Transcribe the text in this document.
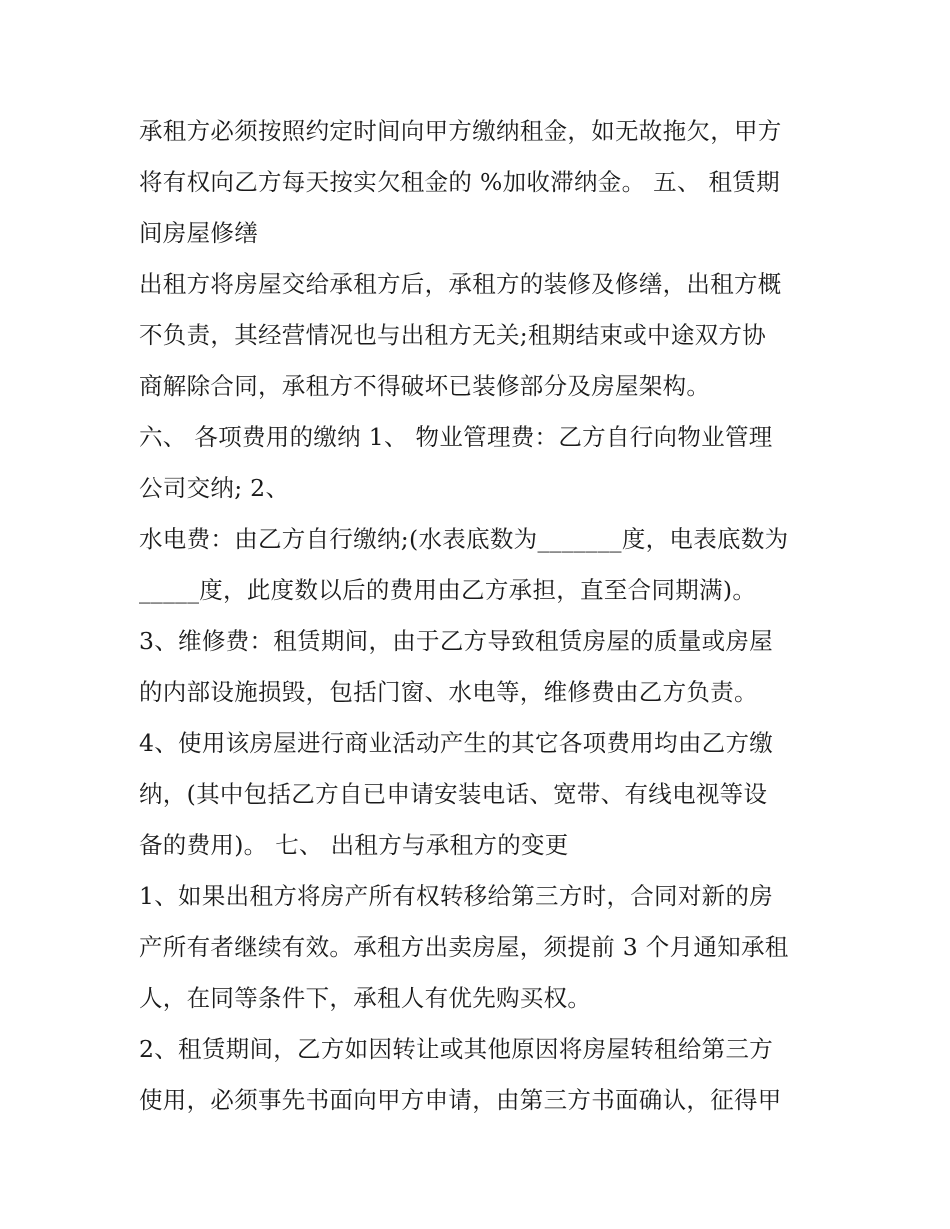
承租方必须按照约定时间向甲方缴纳租金，如无故拖欠，甲方
将有权向乙方每天按实欠租金的 %加收滞纳金。 五、 租赁期
间房屋修缮
出租方将房屋交给承租方后，承租方的装修及修缮，出租方概
不负责，其经营情况也与出租方无关;租期结束或中途双方协
商解除合同，承租方不得破坏已装修部分及房屋架构。
六、 各项费用的缴纳 1、 物业管理费：乙方自行向物业管理
公司交纳; 2、
水电费：由乙方自行缴纳;(水表底数为_______度，电表底数为
_____度，此度数以后的费用由乙方承担，直至合同期满)。
3、维修费：租赁期间，由于乙方导致租赁房屋的质量或房屋
的内部设施损毁，包括门窗、水电等，维修费由乙方负责。
4、使用该房屋进行商业活动产生的其它各项费用均由乙方缴
纳，(其中包括乙方自已申请安装电话、宽带、有线电视等设
备的费用)。 七、 出租方与承租方的变更
1、如果出租方将房产所有权转移给第三方时，合同对新的房
产所有者继续有效。承租方出卖房屋，须提前 3 个月通知承租
人，在同等条件下，承租人有优先购买权。
2、租赁期间，乙方如因转让或其他原因将房屋转租给第三方
使用，必须事先书面向甲方申请，由第三方书面确认，征得甲
